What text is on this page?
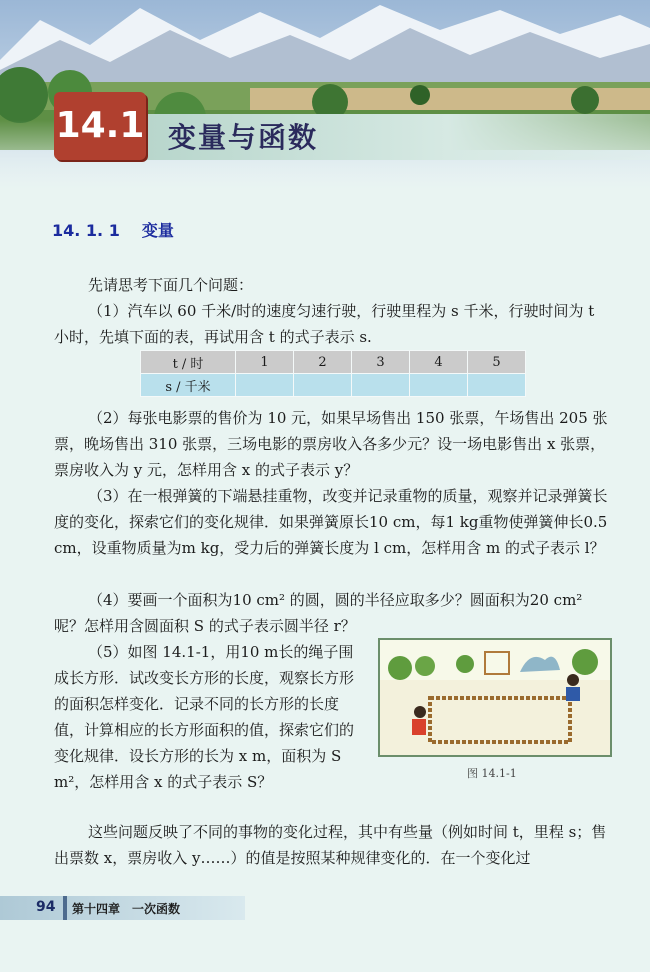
14.1 变量与函数
14. 1. 1 变量
先请思考下面几个问题：
（1）汽车以 60 千米/时的速度匀速行驶，行驶里程为 s 千米，行驶时间为 t 小时，先填下面的表，再试用含 t 的式子表示 s.
t / 时	1	2	3	4	5
s / 千米					
（2）每张电影票的售价为 10 元，如果早场售出 150 张票，午场售出 205 张票，晚场售出 310 张票，三场电影的票房收入各多少元？设一场电影售出 x 张票，票房收入为 y 元，怎样用含 x 的式子表示 y？
（3）在一根弹簧的下端悬挂重物，改变并记录重物的质量，观察并记录弹簧长度的变化，探索它们的变化规律．如果弹簧原长10 cm，每1 kg重物使弹簧伸长0.5 cm，设重物质量为m kg，受力后的弹簧长度为 l cm，怎样用含 m 的式子表示 l？
（4）要画一个面积为10 cm² 的圆，圆的半径应取多少？圆面积为20 cm² 呢？怎样用含圆面积 S 的式子表示圆半径 r？
（5）如图 14.1-1，用10 m长的绳子围成长方形．试改变长方形的长度，观察长方形的面积怎样变化．记录不同的长方形的长度值，计算相应的长方形面积的值，探索它们的变化规律．设长方形的长为 x m，面积为 S m²，怎样用含 x 的式子表示 S？	图 14.1-1
这些问题反映了不同的事物的变化过程，其中有些量（例如时间 t，里程 s；售出票数 x，票房收入 y……）的值是按照某种规律变化的．在一个变化过
94 第十四章　一次函数
